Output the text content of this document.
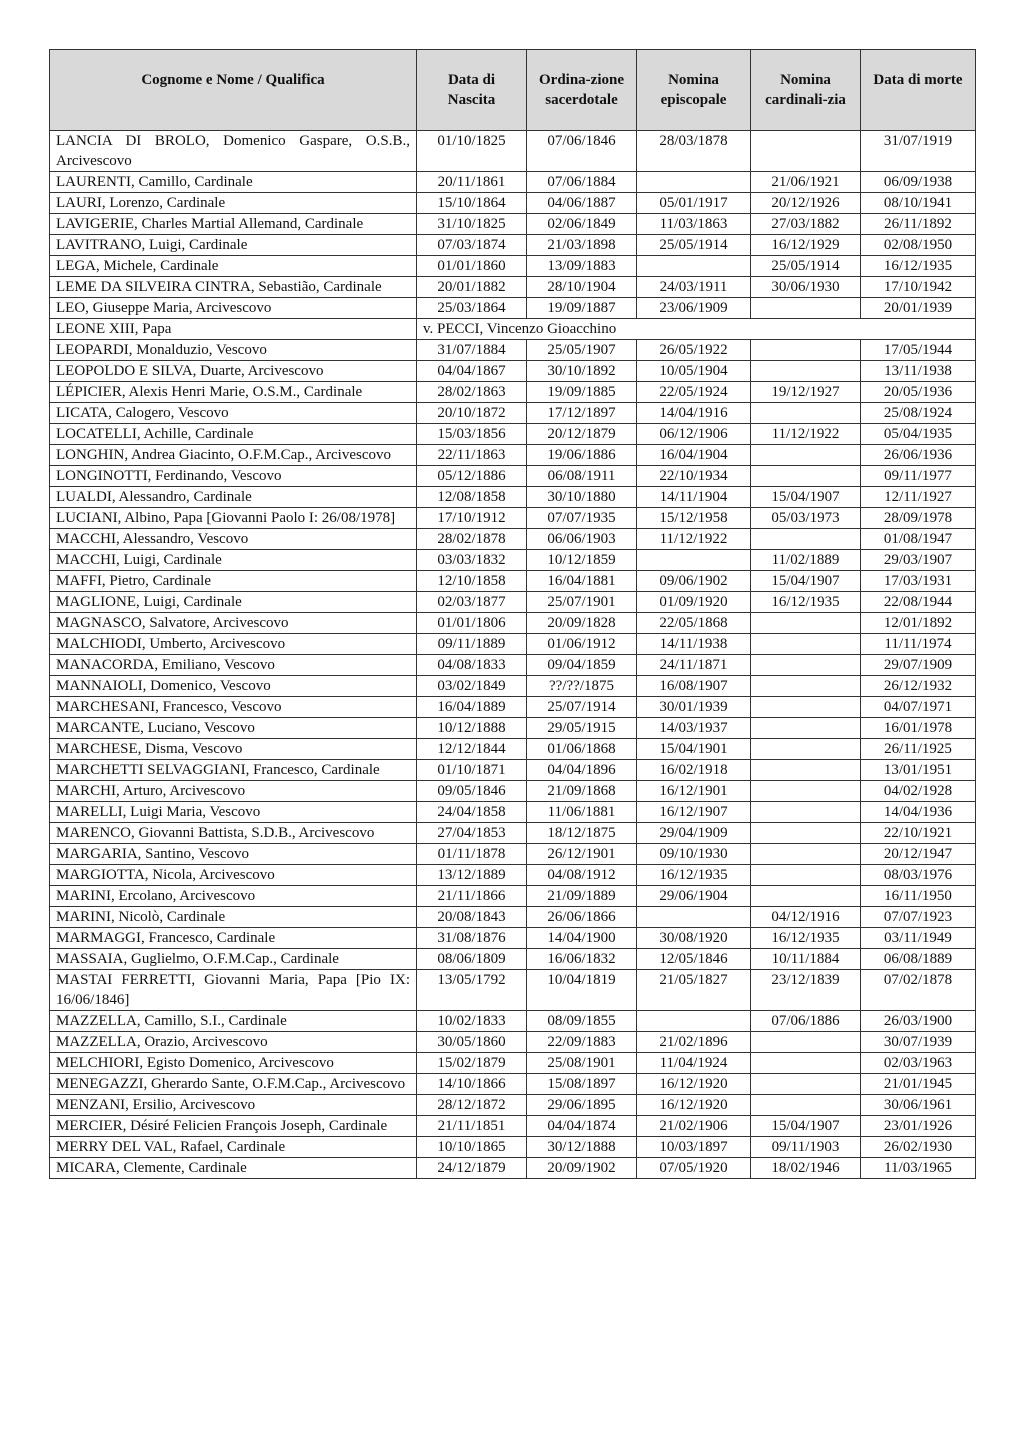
Cognome e Nome / Qualifica	Data di Nascita	Ordina-zione sacerdotale	Nomina episcopale	Nomina cardinali-zia	Data di morte
LANCIA DI BROLO, Domenico Gaspare, O.S.B., Arcivescovo	01/10/1825	07/06/1846	28/03/1878		31/07/1919
LAURENTI, Camillo, Cardinale	20/11/1861	07/06/1884		21/06/1921	06/09/1938
LAURI, Lorenzo, Cardinale	15/10/1864	04/06/1887	05/01/1917	20/12/1926	08/10/1941
LAVIGERIE, Charles Martial Allemand, Cardinale	31/10/1825	02/06/1849	11/03/1863	27/03/1882	26/11/1892
LAVITRANO, Luigi, Cardinale	07/03/1874	21/03/1898	25/05/1914	16/12/1929	02/08/1950
LEGA, Michele, Cardinale	01/01/1860	13/09/1883		25/05/1914	16/12/1935
LEME DA SILVEIRA CINTRA, Sebastião, Cardinale	20/01/1882	28/10/1904	24/03/1911	30/06/1930	17/10/1942
LEO, Giuseppe Maria, Arcivescovo	25/03/1864	19/09/1887	23/06/1909		20/01/1939
LEONE XIII, Papa	v. PECCI, Vincenzo Gioacchino				
LEOPARDI, Monalduzio, Vescovo	31/07/1884	25/05/1907	26/05/1922		17/05/1944
LEOPOLDO E SILVA, Duarte, Arcivescovo	04/04/1867	30/10/1892	10/05/1904		13/11/1938
LÉPICIER, Alexis Henri Marie, O.S.M., Cardinale	28/02/1863	19/09/1885	22/05/1924	19/12/1927	20/05/1936
LICATA, Calogero, Vescovo	20/10/1872	17/12/1897	14/04/1916		25/08/1924
LOCATELLI, Achille, Cardinale	15/03/1856	20/12/1879	06/12/1906	11/12/1922	05/04/1935
LONGHIN, Andrea Giacinto, O.F.M.Cap., Arcivescovo	22/11/1863	19/06/1886	16/04/1904		26/06/1936
LONGINOTTI, Ferdinando, Vescovo	05/12/1886	06/08/1911	22/10/1934		09/11/1977
LUALDI, Alessandro, Cardinale	12/08/1858	30/10/1880	14/11/1904	15/04/1907	12/11/1927
LUCIANI, Albino, Papa [Giovanni Paolo I: 26/08/1978]	17/10/1912	07/07/1935	15/12/1958	05/03/1973	28/09/1978
MACCHI, Alessandro, Vescovo	28/02/1878	06/06/1903	11/12/1922		01/08/1947
MACCHI, Luigi, Cardinale	03/03/1832	10/12/1859		11/02/1889	29/03/1907
MAFFI, Pietro, Cardinale	12/10/1858	16/04/1881	09/06/1902	15/04/1907	17/03/1931
MAGLIONE, Luigi, Cardinale	02/03/1877	25/07/1901	01/09/1920	16/12/1935	22/08/1944
MAGNASCO, Salvatore, Arcivescovo	01/01/1806	20/09/1828	22/05/1868		12/01/1892
MALCHIODI, Umberto, Arcivescovo	09/11/1889	01/06/1912	14/11/1938		11/11/1974
MANACORDA, Emiliano, Vescovo	04/08/1833	09/04/1859	24/11/1871		29/07/1909
MANNAIOLI, Domenico, Vescovo	03/02/1849	??/??/1875	16/08/1907		26/12/1932
MARCHESANI, Francesco, Vescovo	16/04/1889	25/07/1914	30/01/1939		04/07/1971
MARCANTE, Luciano, Vescovo	10/12/1888	29/05/1915	14/03/1937		16/01/1978
MARCHESE, Disma, Vescovo	12/12/1844	01/06/1868	15/04/1901		26/11/1925
MARCHETTI SELVAGGIANI, Francesco, Cardinale	01/10/1871	04/04/1896	16/02/1918		13/01/1951
MARCHI, Arturo, Arcivescovo	09/05/1846	21/09/1868	16/12/1901		04/02/1928
MARELLI, Luigi Maria, Vescovo	24/04/1858	11/06/1881	16/12/1907		14/04/1936
MARENCO, Giovanni Battista, S.D.B., Arcivescovo	27/04/1853	18/12/1875	29/04/1909		22/10/1921
MARGARIA, Santino, Vescovo	01/11/1878	26/12/1901	09/10/1930		20/12/1947
MARGIOTTA, Nicola, Arcivescovo	13/12/1889	04/08/1912	16/12/1935		08/03/1976
MARINI, Ercolano, Arcivescovo	21/11/1866	21/09/1889	29/06/1904		16/11/1950
MARINI, Nicolò, Cardinale	20/08/1843	26/06/1866		04/12/1916	07/07/1923
MARMAGGI, Francesco, Cardinale	31/08/1876	14/04/1900	30/08/1920	16/12/1935	03/11/1949
MASSAIA, Guglielmo, O.F.M.Cap., Cardinale	08/06/1809	16/06/1832	12/05/1846	10/11/1884	06/08/1889
MASTAI FERRETTI, Giovanni Maria, Papa [Pio IX: 16/06/1846]	13/05/1792	10/04/1819	21/05/1827	23/12/1839	07/02/1878
MAZZELLA, Camillo, S.I., Cardinale	10/02/1833	08/09/1855		07/06/1886	26/03/1900
MAZZELLA, Orazio, Arcivescovo	30/05/1860	22/09/1883	21/02/1896		30/07/1939
MELCHIORI, Egisto Domenico, Arcivescovo	15/02/1879	25/08/1901	11/04/1924		02/03/1963
MENEGAZZI, Gherardo Sante, O.F.M.Cap., Arcivescovo	14/10/1866	15/08/1897	16/12/1920		21/01/1945
MENZANI, Ersilio, Arcivescovo	28/12/1872	29/06/1895	16/12/1920		30/06/1961
MERCIER, Désiré Felicien François Joseph, Cardinale	21/11/1851	04/04/1874	21/02/1906	15/04/1907	23/01/1926
MERRY DEL VAL, Rafael, Cardinale	10/10/1865	30/12/1888	10/03/1897	09/11/1903	26/02/1930
MICARA, Clemente, Cardinale	24/12/1879	20/09/1902	07/05/1920	18/02/1946	11/03/1965
